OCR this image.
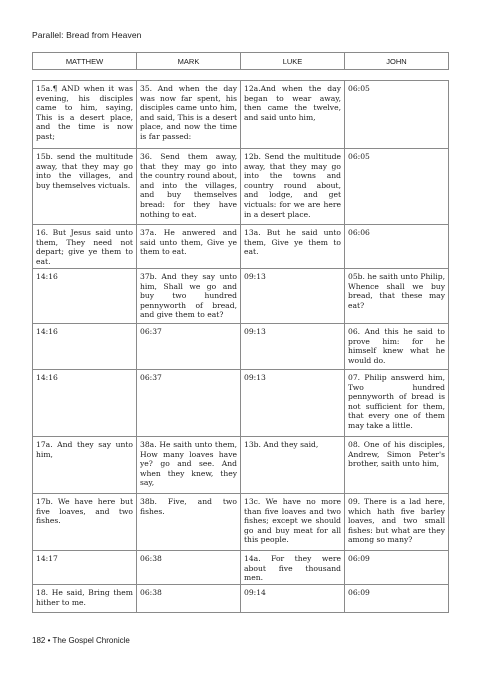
Parallel: Bread from Heaven
MATTHEW	MARK	LUKE	JOHN

15a.¶ AND when it was evening, his disciples came to him, saying, This is a desert place, and the time is now past;	35. And when the day was now far spent, his disciples came unto him, and said, This is a desert place, and now the time is far passed:	12a.And when the day began to wear away, then came the twelve, and said unto him,	06:05
15b. send the multitude away, that they may go into the villages, and buy themselves victuals.	36. Send them away, that they may go into the country round about, and into the villages, and buy themselves bread: for they have nothing to eat.	12b. Send the multitude away, that they may go into the towns and country round about, and lodge, and get victuals: for we are here in a desert place.	06:05
16. But Jesus said unto them, They need not depart; give ye them to eat.	37a. He anwered and said unto them, Give ye them to eat.	13a. But he said unto them, Give ye them to eat.	06:06
14:16	37b. And they say unto him, Shall we go and buy two hundred pennyworth of bread, and give them to eat?	09:13	05b. he saith unto Philip, Whence shall we buy bread, that these may eat?
14:16	06:37	09:13	06. And this he said to prove him: for he himself knew what he would do.
14:16	06:37	09:13	07. Philip answerd him, Two hundred pennyworth of bread is not sufficient for them, that every one of them may take a little.
17a. And they say unto him,	38a. He saith unto them, How many loaves have ye? go and see. And when they knew, they say,	13b. And they said,	08. One of his disciples, Andrew, Simon Peter's brother, saith unto him,
17b. We have here but five loaves, and two fishes.	38b. Five, and two fishes.	13c. We have no more than five loaves and two fishes; except we should go and buy meat for all this people.	09. There is a lad here, which hath five barley loaves, and two small fishes: but what are they among so many?
14:17	06:38	14a. For they were about five thousand men.	06:09
18. He said, Bring them hither to me.	06:38	09:14	06:09
182 • The Gospel Chronicle
